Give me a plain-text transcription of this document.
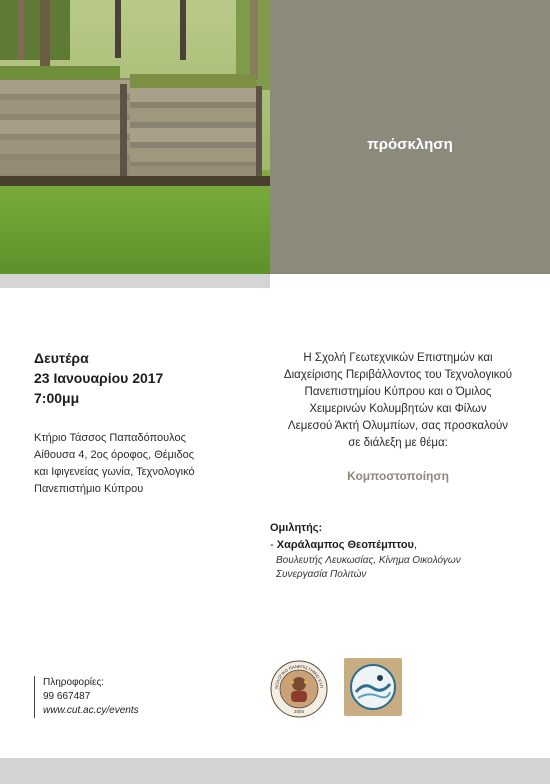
πρόσκληση
Δευτέρα
23 Ιανουαρίου 2017
7:00μμ
Κτήριο Τάσσος Παπαδόπουλος
Αίθουσα 4, 2ος όροφος, Θέμιδος
και Ιφιγενείας γωνία, Τεχνολογικό
Πανεπιστήμιο Κύπρου
Η Σχολή Γεωτεχνικών Επιστημών και
Διαχείρισης Περιβάλλοντος του Τεχνολογικού
Πανεπιστημίου Κύπρου και ο Όμιλος
Χειμερινών Κολυμβητών και Φίλων
Λεμεσού Άκτή Ολυμπίων, σας προσκαλούν
σε διάλεξη με θέμα:
Κομποστοποίηση
Ομιλητής:
- Χαράλαμπος Θεοπέμπτου,
Βουλευτής Λευκωσίας, Κίνημα Οικολόγων
Συνεργασία Πολιτών
Πληροφορίες:
99 667487
www.cut.ac.cy/events
ΝΟΛΟΓΙΚΟ ΠΑΝΕΠΙΣΤΗΜΙΟ ΚΥΠ
2004
